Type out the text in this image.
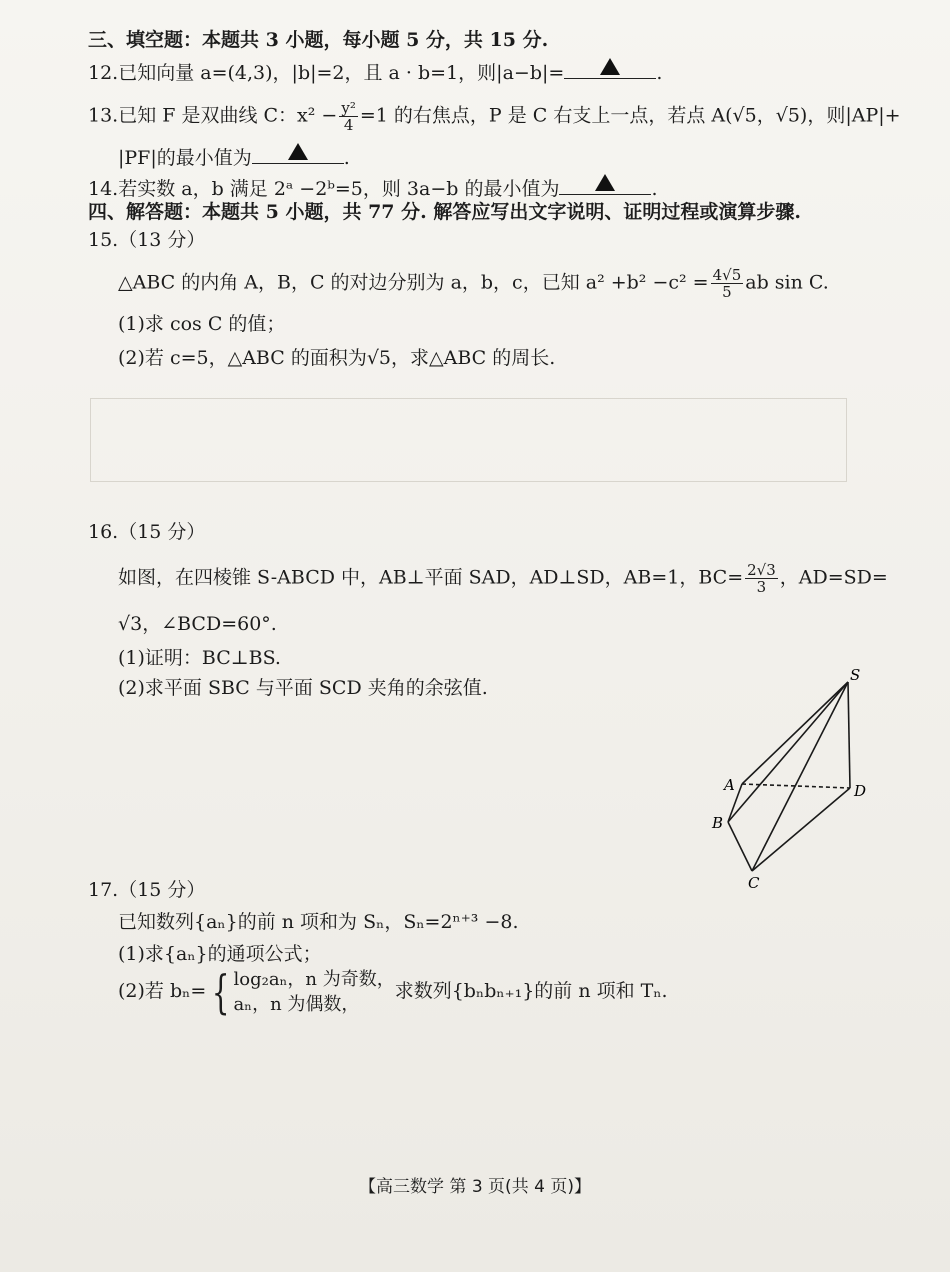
三、填空题：本题共 3 小题，每小题 5 分，共 15 分.
12.已知向量 a=(4,3)，|b|=2，且 a · b=1，则|a−b|=	.
13.已知 F 是双曲线 C：$x^2 - \frac{\text{y²}}{4} =1$ 的右焦点，P 是 C 右支上一点，若点 A(√5，√5)，则|AP|+
|PF|的最小值为	.
14.若实数 a，b 满足 2ᵃ −2ᵇ=5，则 3a−b 的最小值为	.
四、解答题：本题共 5 小题，共 77 分. 解答应写出文字说明、证明过程或演算步骤.
15.（13 分）
△ABC 的内角 A，B，C 的对边分别为 a，b，c，已知 $a^2 +b^2 -c^2 = \frac{4√5}{5}$ ab sin C.
(1)求 cos C 的值；
(2)若 c=5，△ABC 的面积为√5，求△ABC 的周长.
16.（15 分）
如图，在四棱锥 S-ABCD 中，AB⊥平面 SAD，AD⊥SD，AB=1，$BC= \frac{2√3}{3}$ ，AD=SD=
√3，∠BCD=60°.
(1)证明：BC⊥BS.
(2)求平面 SBC 与平面 SCD 夹角的余弦值.
S
A
B
C
D
17.（15 分）
已知数列{aₙ}的前 n 项和为 Sₙ，Sₙ=2ⁿ⁺³ −8.
(1)求{aₙ}的通项公式；
(2)若 bₙ= { log₂aₙ，n 为奇数，
aₙ，n 为偶数，
求数列{bₙbₙ₊₁}的前 n 项和 Tₙ.
【高三数学 第 3 页(共 4 页)】
